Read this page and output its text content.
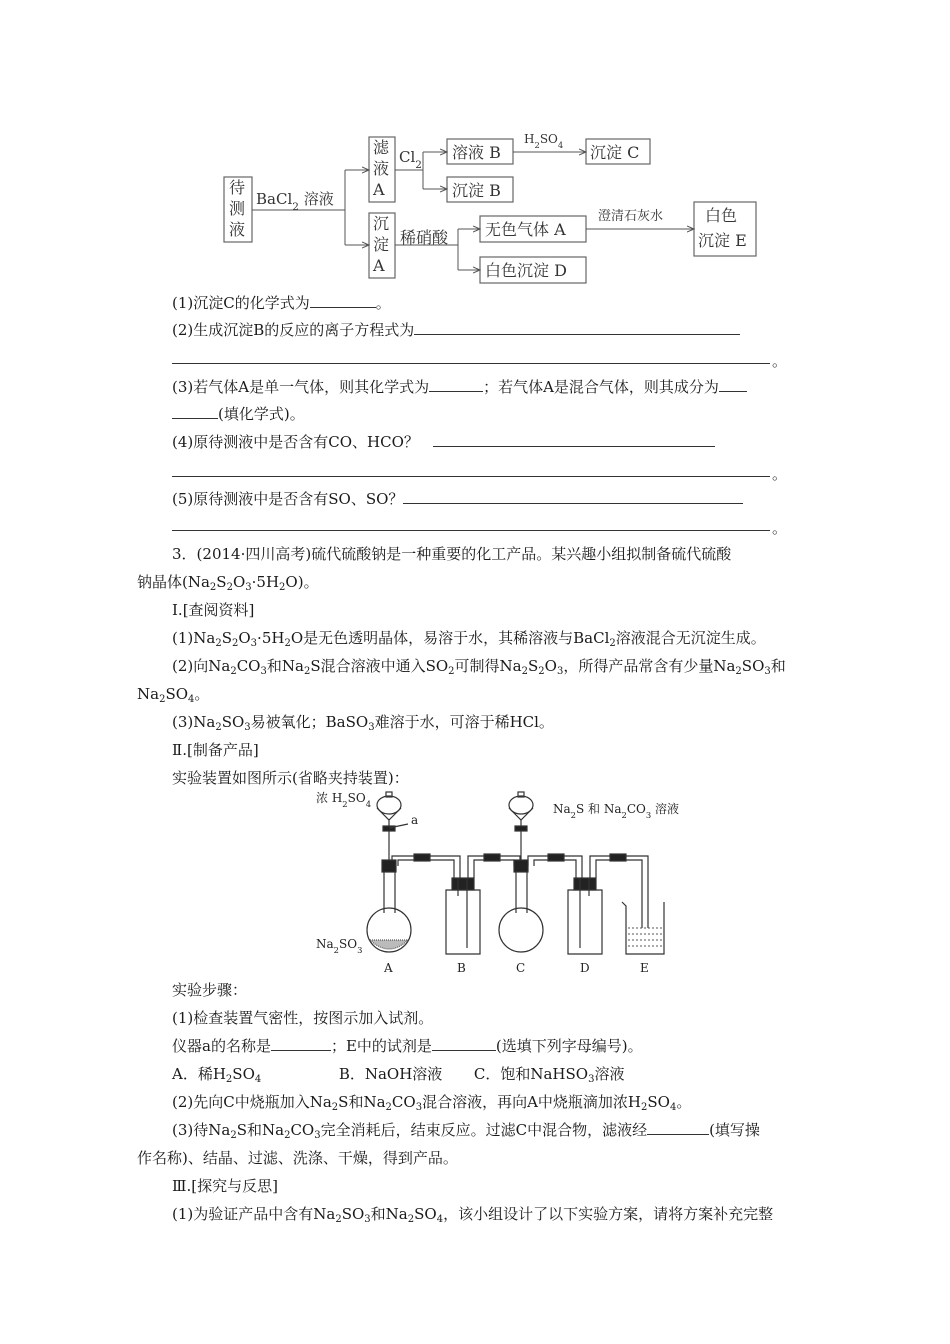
待测液
BaCl$_2$ 溶液
滤液 A
沉淀 A
$Cl_2$
溶液 B
$H_2SO_4$ 沉淀 C
沉淀 B
稀硝酸 无色气体 A
澄清石灰水	白色
沉淀 E
白色沉淀 D
(1)沉淀C的化学式为	。
(2)生成沉淀B的反应的离子方程式为
。
(3)若气体A是单一气体，则其化学式为	；若气体A是混合气体，则其成分为
(填化学式)。
(4)原待测液中是否含有CO、HCO？
。
(5)原待测液中是否含有SO、SO？
。
3．(2014·四川高考)硫代硫酸钠是一种重要的化工产品。某兴趣小组拟制备硫代硫酸
钠晶体$(Na_2S_2O_3\cdot 5H_2O)$。
Ⅰ.[查阅资料]
$(1)Na_2S_2O_3\cdot 5H_2O$是无色透明晶体，易溶于水，其稀溶液与BaCl$_2$溶液混合无沉淀生成。
(2)向$Na_2CO_3$和$Na_2S$混合溶液中通入$SO_2$可制得$Na_2S_2O_3$，所得产品常含有少量$Na_2SO_3$和
$Na_2SO_4$。
$(3)Na_2SO_3$易被氧化；BaSO$_3$难溶于水，可溶于稀HCl。
Ⅱ.[制备产品]
实验装置如图所示(省略夹持装置)：
浓 $H_2SO_4$
a
$Na_2S$ 和 $Na_2CO_3$ 溶液
$Na_2SO_3$
A	B	C	D	E
实验步骤：
(1)检查装置气密性，按图示加入试剂。
仪器a的名称是	；E中的试剂是	(选填下列字母编号)。
A．稀$H_2SO_4$	B．NaOH溶液 C．饱和NaHSO$_3$溶液
(2)先向C中烧瓶加入$Na_2S$和$Na_2CO_3$混合溶液，再向A中烧瓶滴加浓$H_2SO_4$。
(3)待$Na_2S$和$Na_2CO_3$完全消耗后，结束反应。过滤C中混合物，滤液经	(填写操
作名称)、结晶、过滤、洗涤、干燥，得到产品。
Ⅲ.[探究与反思]
(1)为验证产品中含有$Na_2SO_3$和$Na_2SO_4$，该小组设计了以下实验方案，请将方案补充完整
